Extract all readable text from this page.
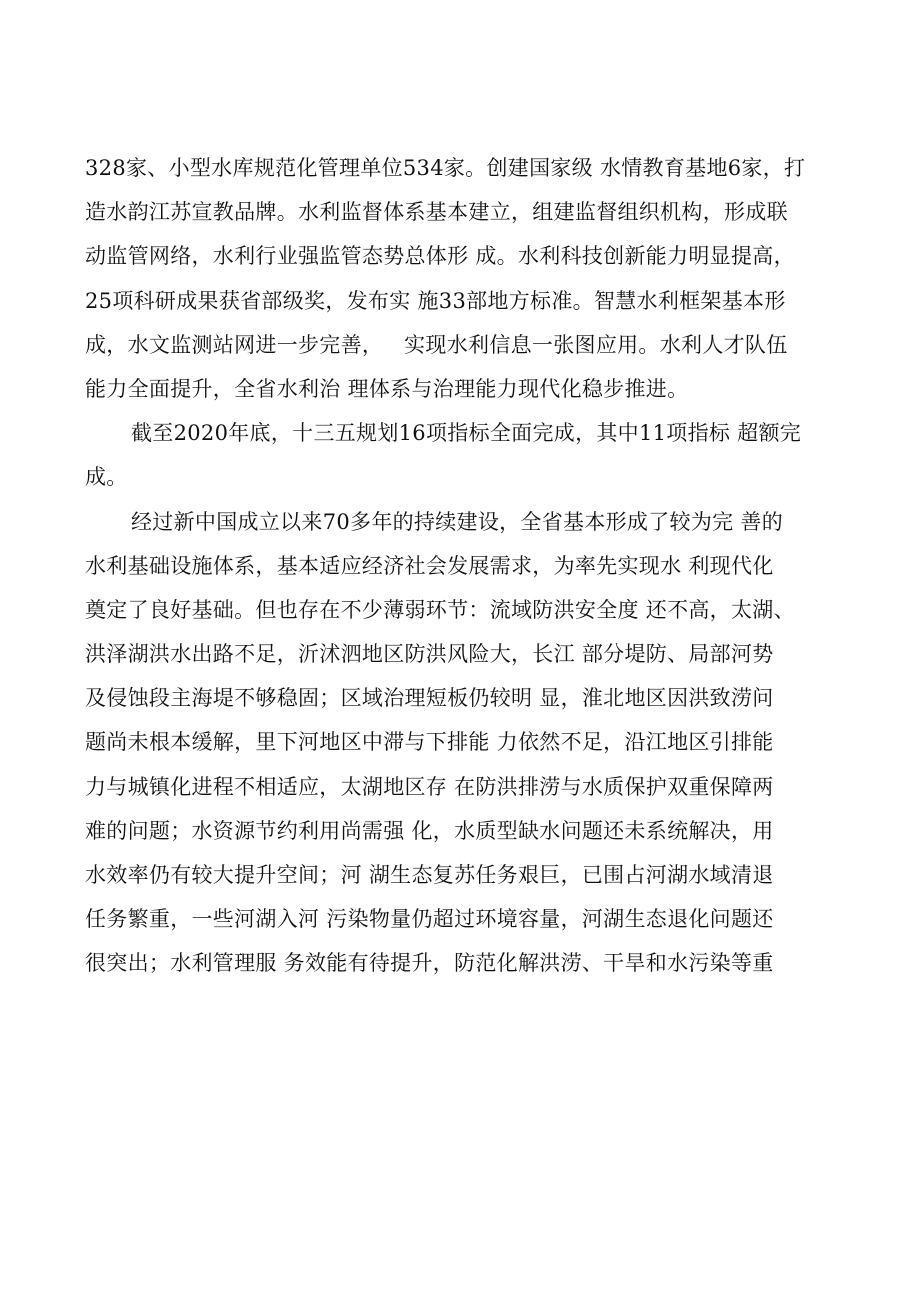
328家、小型水库规范化管理单位534家。创建国家级 水情教育基地6家，打
造水韵江苏宣教品牌。水利监督体系基本建立，组建监督组织机构，形成联
动监管网络，水利行业强监管态势总体形 成。水利科技创新能力明显提高，
25项科研成果获省部级奖，发布实 施33部地方标准。智慧水利框架基本形
成，水文监测站网进一步完善，   实现水利信息一张图应用。水利人才队伍
能力全面提升，全省水利治 理体系与治理能力现代化稳步推进。
截至2020年底，十三五规划16项指标全面完成，其中11项指标 超额完
成。
经过新中国成立以来70多年的持续建设，全省基本形成了较为完 善的
水利基础设施体系，基本适应经济社会发展需求，为率先实现水 利现代化
奠定了良好基础。但也存在不少薄弱环节：流域防洪安全度 还不高，太湖、
洪泽湖洪水出路不足，沂沭泗地区防洪风险大，长江 部分堤防、局部河势
及侵蚀段主海堤不够稳固；区域治理短板仍较明 显，淮北地区因洪致涝问
题尚未根本缓解，里下河地区中滞与下排能 力依然不足，沿江地区引排能
力与城镇化进程不相适应，太湖地区存 在防洪排涝与水质保护双重保障两
难的问题；水资源节约利用尚需强 化，水质型缺水问题还未系统解决，用
水效率仍有较大提升空间；河 湖生态复苏任务艰巨，已围占河湖水域清退
任务繁重，一些河湖入河 污染物量仍超过环境容量，河湖生态退化问题还
很突出；水利管理服 务效能有待提升，防范化解洪涝、干旱和水污染等重
